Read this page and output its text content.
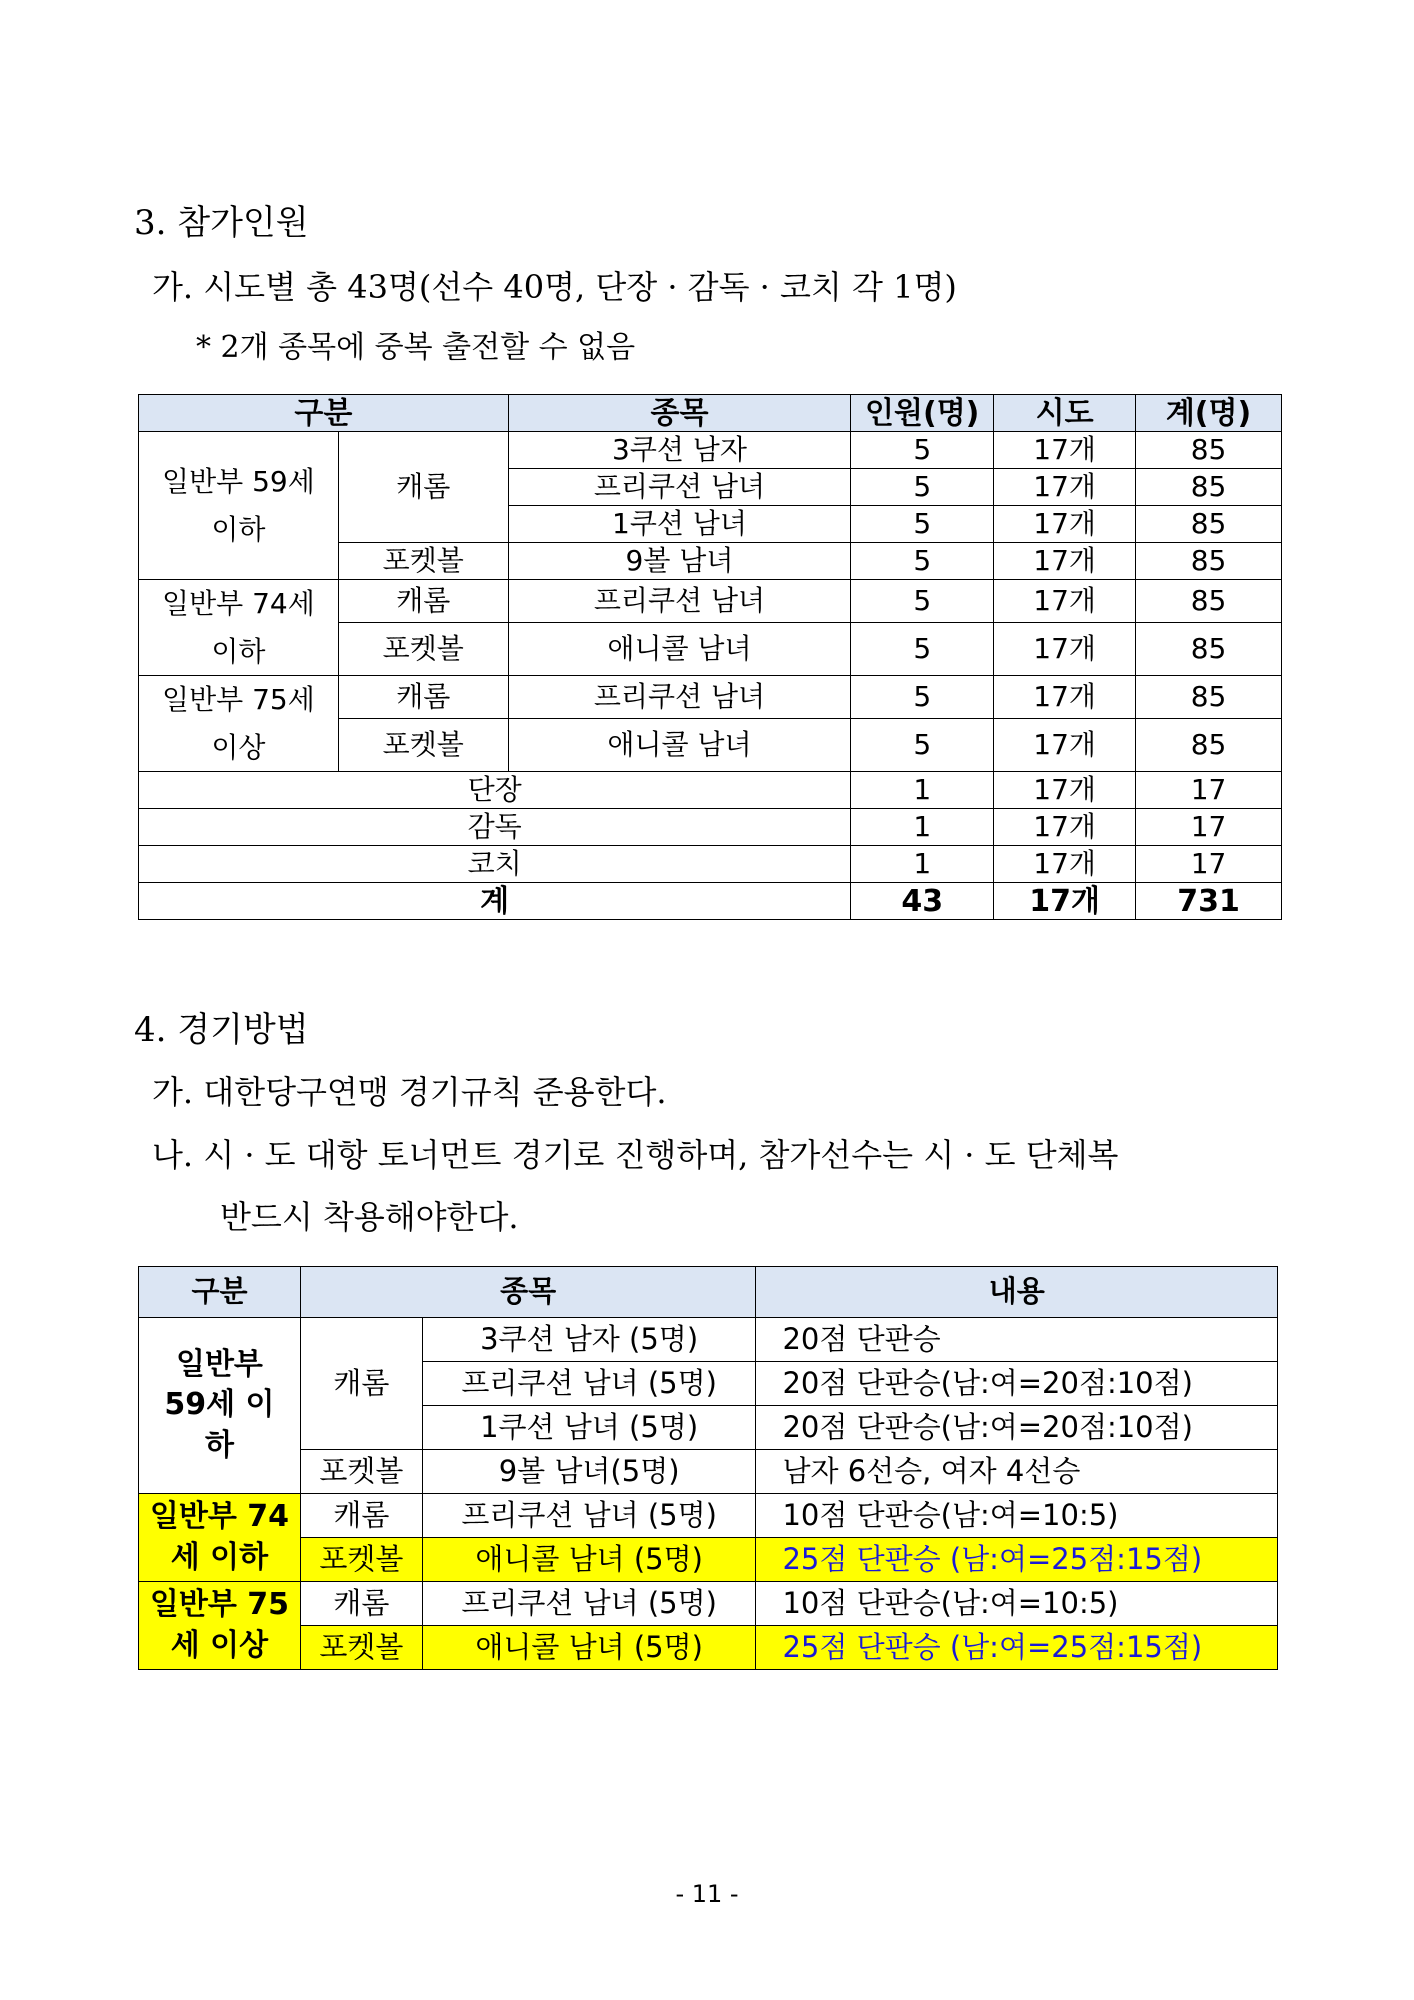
3. 참가인원
가. 시도별 총 43명(선수 40명, 단장 · 감독 · 코치 각 1명)
* 2개 종목에 중복 출전할 수 없음
구분		종목	인원(명)	시도	계(명)
일반부 59세 이하	캐롬	3쿠션 남자	5	17개	85
		프리쿠션 남녀	5	17개	85
		1쿠션 남녀	5	17개	85
	포켓볼	9볼 남녀	5	17개	85
일반부 74세 이하	캐롬	프리쿠션 남녀	5	17개	85
	포켓볼	애니콜 남녀	5	17개	85
일반부 75세 이상	캐롬	프리쿠션 남녀	5	17개	85
	포켓볼	애니콜 남녀	5	17개	85
단장			1	17개	17
감독			1	17개	17
코치			1	17개	17
계			43	17개	731
4. 경기방법
가. 대한당구연맹 경기규칙 준용한다.
나. 시 · 도 대항 토너먼트 경기로 진행하며, 참가선수는 시 · 도 단체복
반드시 착용해야한다.
구분	종목		내용
일반부 59세 이하	캐롬	3쿠션 남자 (5명)	20점 단판승
		프리쿠션 남녀 (5명)	20점 단판승(남:여=20점:10점)
		1쿠션 남녀 (5명)	20점 단판승(남:여=20점:10점)
	포켓볼	9볼 남녀(5명)	남자 6선승, 여자 4선승
일반부 74세 이하	캐롬	프리쿠션 남녀 (5명)	10점 단판승(남:여=10:5)
	포켓볼	애니콜 남녀 (5명)	25점 단판승 (남:여=25점:15점)
일반부 75세 이상	캐롬	프리쿠션 남녀 (5명)	10점 단판승(남:여=10:5)
	포켓볼	애니콜 남녀 (5명)	25점 단판승 (남:여=25점:15점)
- 11 -
